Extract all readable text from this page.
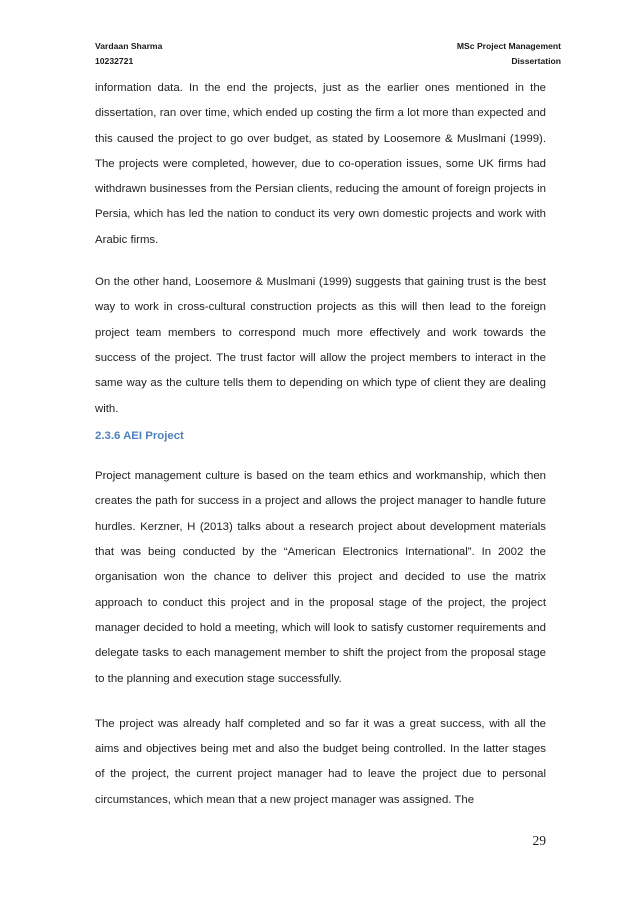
Vardaan Sharma	MSc Project Management
10232721	Dissertation

information data. In the end the projects, just as the earlier ones mentioned in the dissertation, ran over time, which ended up costing the firm a lot more than expected and this caused the project to go over budget, as stated by Loosemore & Muslmani (1999). The projects were completed, however, due to co-operation issues, some UK firms had withdrawn businesses from the Persian clients, reducing the amount of foreign projects in Persia, which has led the nation to conduct its very own domestic projects and work with Arabic firms.

On the other hand, Loosemore & Muslmani (1999) suggests that gaining trust is the best way to work in cross-cultural construction projects as this will then lead to the foreign project team members to correspond much more effectively and work towards the success of the project. The trust factor will allow the project members to interact in the same way as the culture tells them to depending on which type of client they are dealing with.

2.3.6 AEI Project

Project management culture is based on the team ethics and workmanship, which then creates the path for success in a project and allows the project manager to handle future hurdles. Kerzner, H (2013) talks about a research project about development materials that was being conducted by the “American Electronics International”. In 2002 the organisation won the chance to deliver this project and decided to use the matrix approach to conduct this project and in the proposal stage of the project, the project manager decided to hold a meeting, which will look to satisfy customer requirements and delegate tasks to each management member to shift the project from the proposal stage to the planning and execution stage successfully.

The project was already half completed and so far it was a great success, with all the aims and objectives being met and also the budget being controlled. In the latter stages of the project, the current project manager had to leave the project due to personal circumstances, which mean that a new project manager was assigned. The

29
